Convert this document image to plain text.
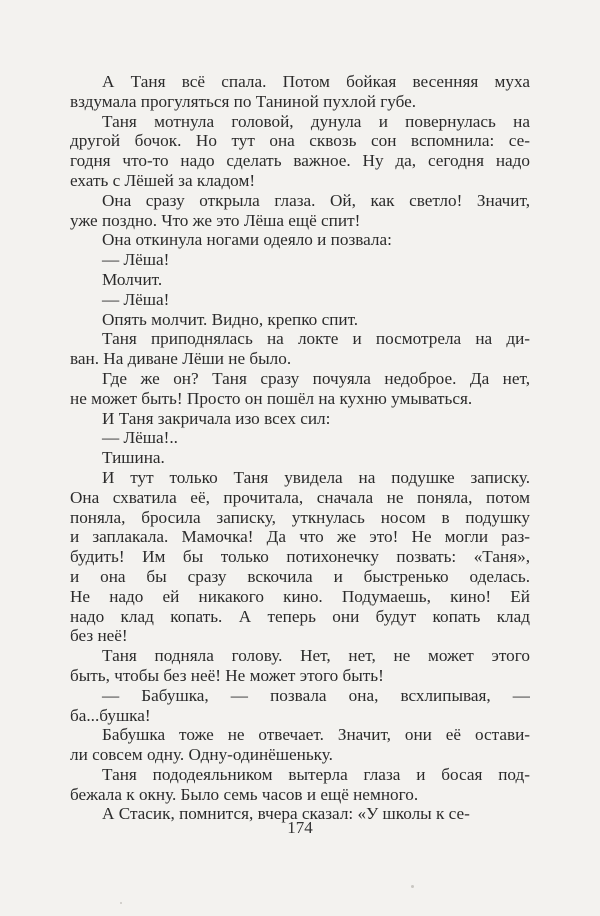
А Таня всё спала. Потом бойкая весенняя муха
вздумала прогуляться по Таниной пухлой губе.
Таня мотнула головой, дунула и повернулась на
другой бочок. Но тут она сквозь сон вспомнила: се-
годня что-то надо сделать важное. Ну да, сегодня надо
ехать с Лёшей за кладом!
Она сразу открыла глаза. Ой, как светло! Значит,
уже поздно. Что же это Лёша ещё спит!
Она откинула ногами одеяло и позвала:
— Лёша!
Молчит.
— Лёша!
Опять молчит. Видно, крепко спит.
Таня приподнялась на локте и посмотрела на ди-
ван. На диване Лёши не было.
Где же он? Таня сразу почуяла недоброе. Да нет,
не может быть! Просто он пошёл на кухню умываться.
И Таня закричала изо всех сил:
— Лёша!..
Тишина.
И тут только Таня увидела на подушке записку.
Она схватила её, прочитала, сначала не поняла, потом
поняла, бросила записку, уткнулась носом в подушку
и заплакала. Мамочка! Да что же это! Не могли раз-
будить! Им бы только потихонечку позвать: «Таня»,
и она бы сразу вскочила и быстренько оделась.
Не надо ей никакого кино. Подумаешь, кино! Ей
надо клад копать. А теперь они будут копать клад
без неё!
Таня подняла голову. Нет, нет, не может этого
быть, чтобы без неё! Не может этого быть!
— Бабушка, — позвала она, всхлипывая, —
ба...бушка!
Бабушка тоже не отвечает. Значит, они её остави-
ли совсем одну. Одну-одинёшеньку.
Таня пододеяльником вытерла глаза и босая под-
бежала к окну. Было семь часов и ещё немного.
А Стасик, помнится, вчера сказал: «У школы к се-
174
